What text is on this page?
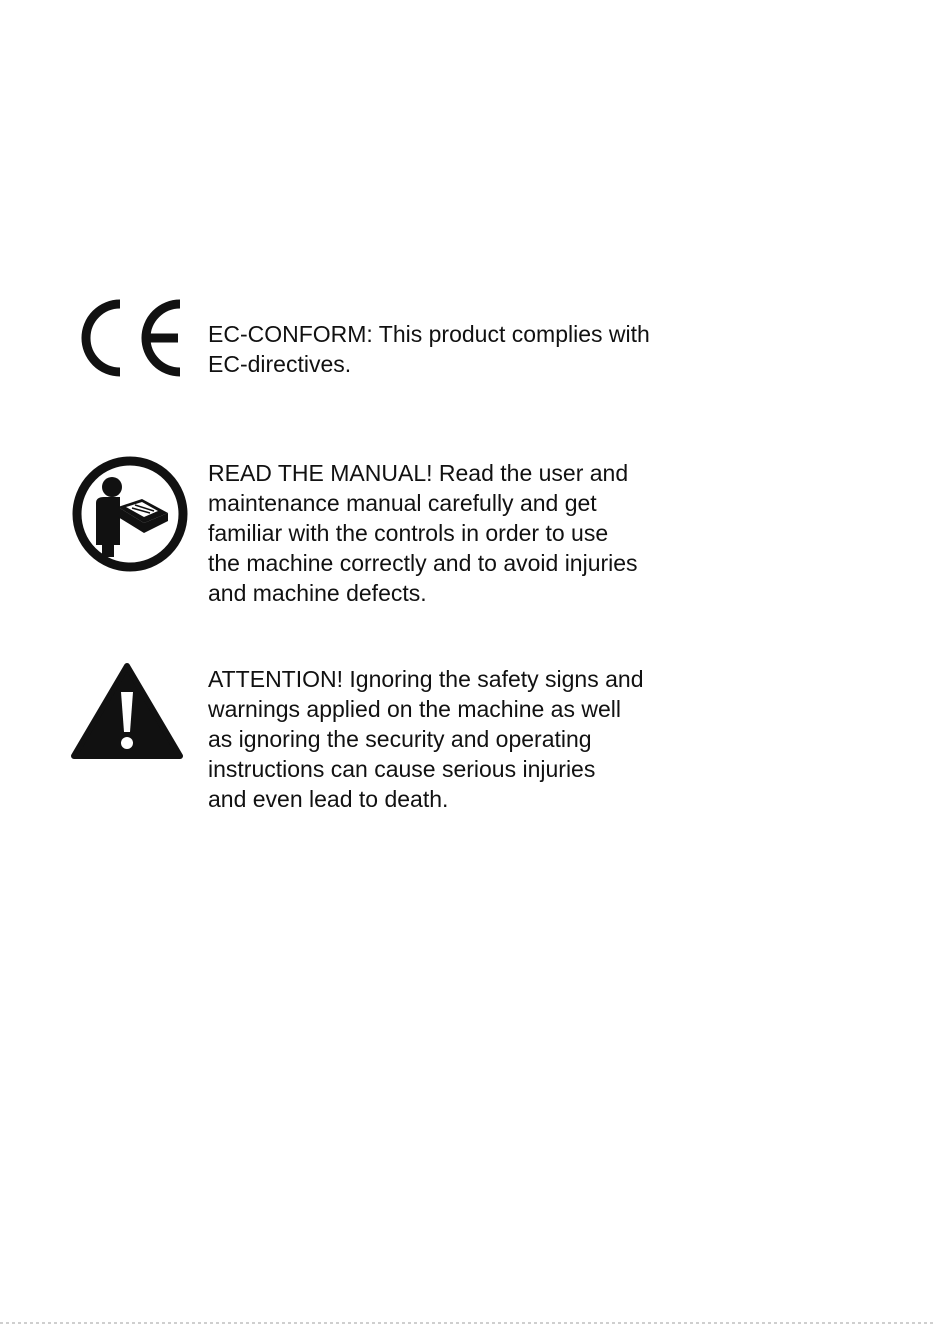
EC-CONFORM: This product complies with
EC-directives.

READ THE MANUAL! Read the user and
maintenance manual carefully and get
familiar with the controls in order to use
the machine correctly and to avoid injuries
and machine defects.

ATTENTION! Ignoring the safety signs and
warnings applied on the machine as well
as ignoring the security and operating
instructions can cause serious injuries
and even lead to death.
